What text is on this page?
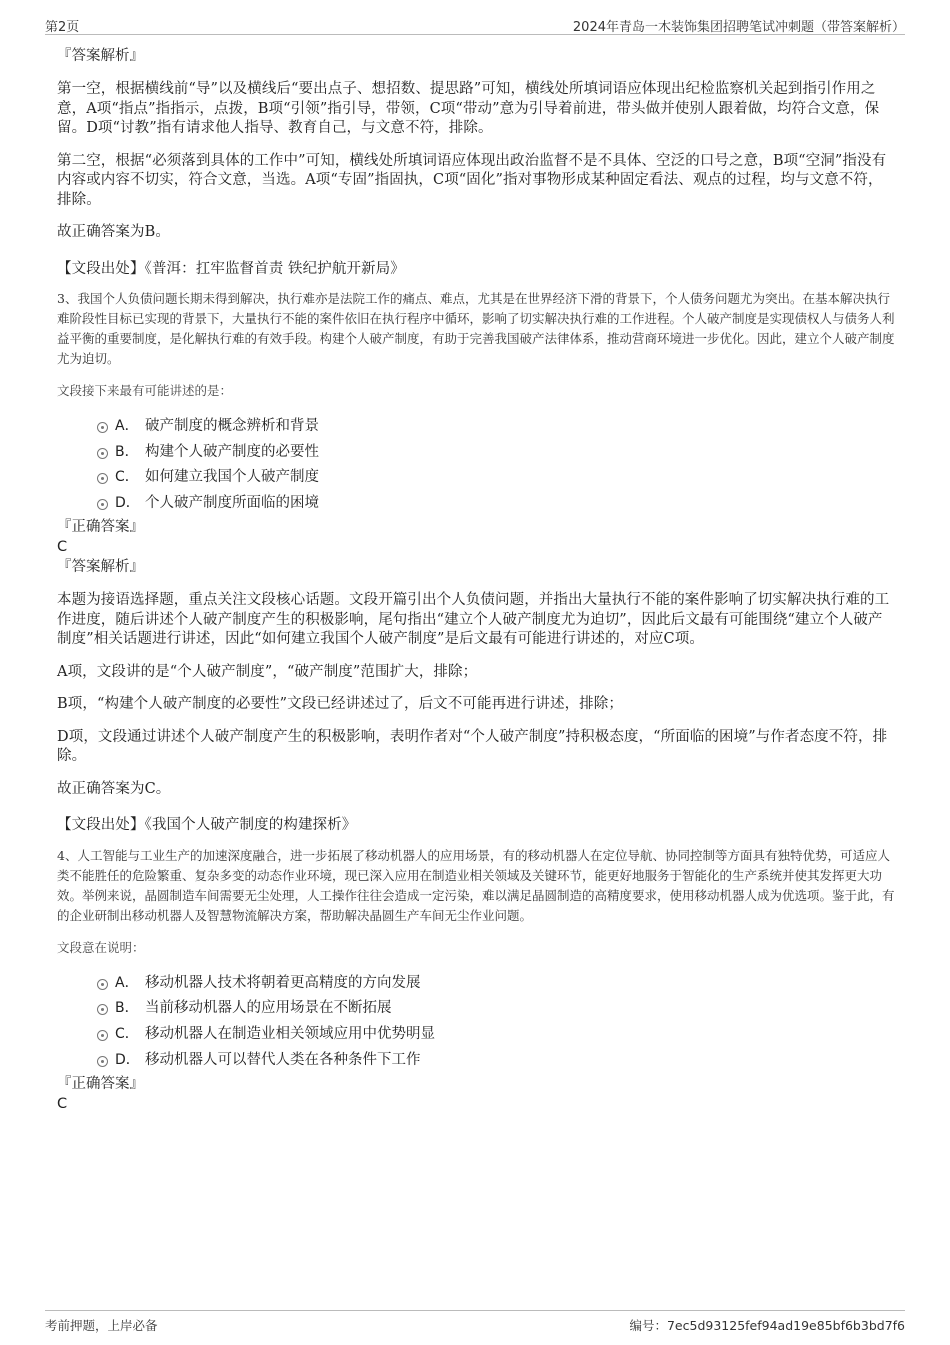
第2页	2024年青岛一木装饰集团招聘笔试冲刺题（带答案解析）

『答案解析』

第一空，根据横线前“导”以及横线后“要出点子、想招数、提思路”可知，横线处所填词语应体现出纪检监察机关起到指引作用之意，A项“指点”指指示，点拨，B项“引领”指引导，带领，C项“带动”意为引导着前进，带头做并使别人跟着做，均符合文意，保留。D项“讨教”指有请求他人指导、教育自己，与文意不符，排除。

第二空，根据“必须落到具体的工作中”可知，横线处所填词语应体现出政治监督不是不具体、空泛的口号之意，B项“空洞”指没有内容或内容不切实，符合文意，当选。A项“专固”指固执，C项“固化”指对事物形成某种固定看法、观点的过程，均与文意不符，排除。

故正确答案为B。

【文段出处】《普洱：扛牢监督首责 铁纪护航开新局》

3、我国个人负债问题长期未得到解决，执行难亦是法院工作的痛点、难点，尤其是在世界经济下滑的背景下，个人债务问题尤为突出。在基本解决执行难阶段性目标已实现的背景下，大量执行不能的案件依旧在执行程序中循环，影响了切实解决执行难的工作进程。个人破产制度是实现债权人与债务人利益平衡的重要制度，是化解执行难的有效手段。构建个人破产制度，有助于完善我国破产法律体系，推动营商环境进一步优化。因此，建立个人破产制度尤为迫切。

文段接下来最有可能讲述的是：

A． 破产制度的概念辨析和背景
B． 构建个人破产制度的必要性
C． 如何建立我国个人破产制度
D． 个人破产制度所面临的困境

『正确答案』

C

『答案解析』

本题为接语选择题，重点关注文段核心话题。文段开篇引出个人负债问题，并指出大量执行不能的案件影响了切实解决执行难的工作进度，随后讲述个人破产制度产生的积极影响，尾句指出“建立个人破产制度尤为迫切”，因此后文最有可能围绕“建立个人破产制度”相关话题进行讲述，因此“如何建立我国个人破产制度”是后文最有可能进行讲述的，对应C项。

A项，文段讲的是“个人破产制度”，“破产制度”范围扩大，排除；

B项，“构建个人破产制度的必要性”文段已经讲述过了，后文不可能再进行讲述，排除；

D项，文段通过讲述个人破产制度产生的积极影响，表明作者对“个人破产制度”持积极态度，“所面临的困境”与作者态度不符，排除。

故正确答案为C。

【文段出处】《我国个人破产制度的构建探析》

4、人工智能与工业生产的加速深度融合，进一步拓展了移动机器人的应用场景，有的移动机器人在定位导航、协同控制等方面具有独特优势，可适应人类不能胜任的危险繁重、复杂多变的动态作业环境，现已深入应用在制造业相关领域及关键环节，能更好地服务于智能化的生产系统并使其发挥更大功效。举例来说，晶圆制造车间需要无尘处理，人工操作往往会造成一定污染，难以满足晶圆制造的高精度要求，使用移动机器人成为优选项。鉴于此，有的企业研制出移动机器人及智慧物流解决方案，帮助解决晶圆生产车间无尘作业问题。

文段意在说明：

A． 移动机器人技术将朝着更高精度的方向发展
B． 当前移动机器人的应用场景在不断拓展
C． 移动机器人在制造业相关领域应用中优势明显
D． 移动机器人可以替代人类在各种条件下工作

『正确答案』

C

考前押题，上岸必备	编号：7ec5d93125fef94ad19e85bf6b3bd7f6
